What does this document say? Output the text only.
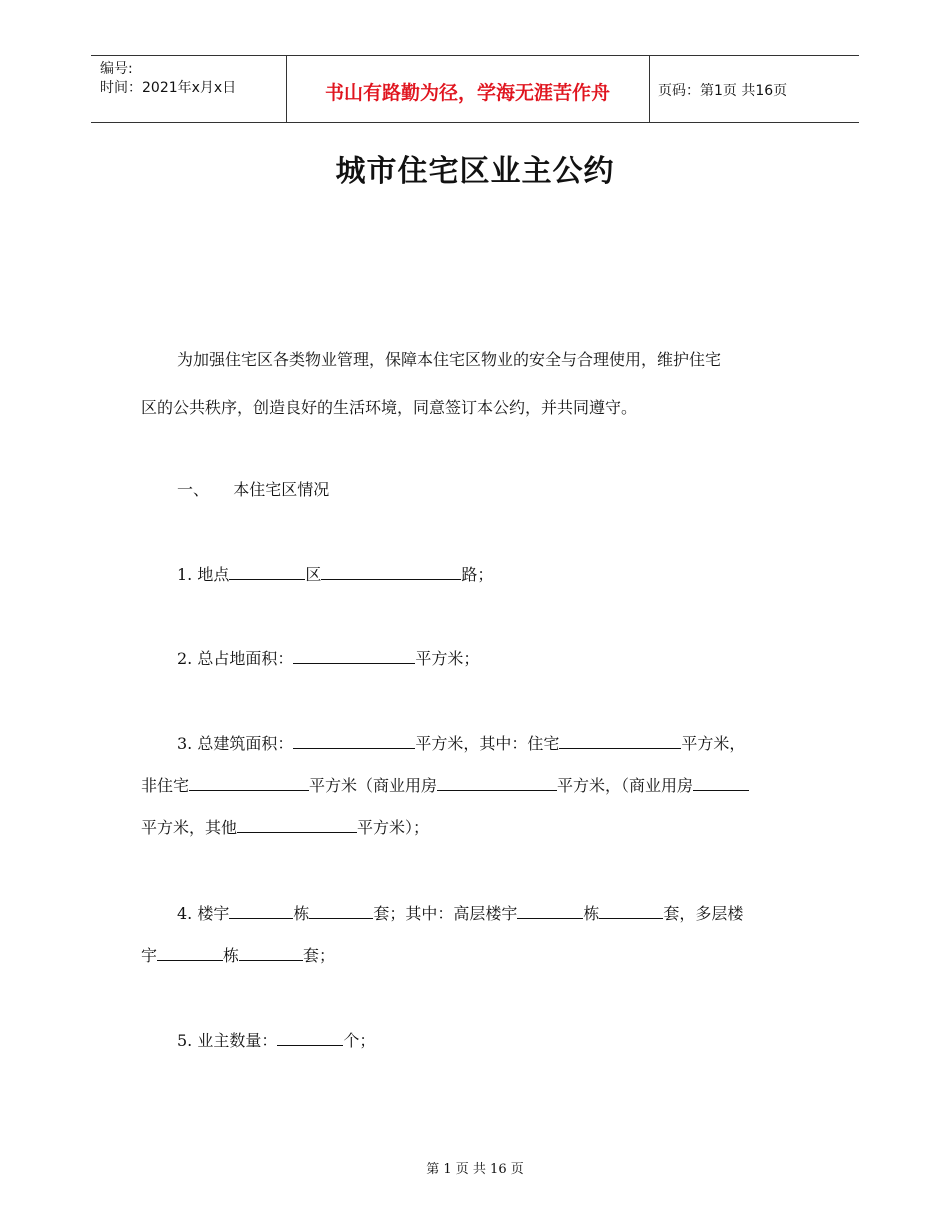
编号:
时间：2021年x月x日	书山有路勤为径，学海无涯苦作舟	页码：第1页 共16页
城市住宅区业主公约
为加强住宅区各类物业管理，保障本住宅区物业的安全与合理使用，维护住宅
区的公共秩序，创造良好的生活环境，同意签订本公约，并共同遵守。
一、 本住宅区情况
1. 地点	区	路；
2. 总占地面积：	平方米；
3. 总建筑面积：	平方米，其中：住宅	平方米，
非住宅	平方米（商业用房	平方米，（商业用房
平方米，其他	平方米）；
4. 楼宇	栋	套；其中：高层楼宇	栋	套，多层楼
宇	栋	套；
5. 业主数量：	个；
第 1 页 共 16 页
